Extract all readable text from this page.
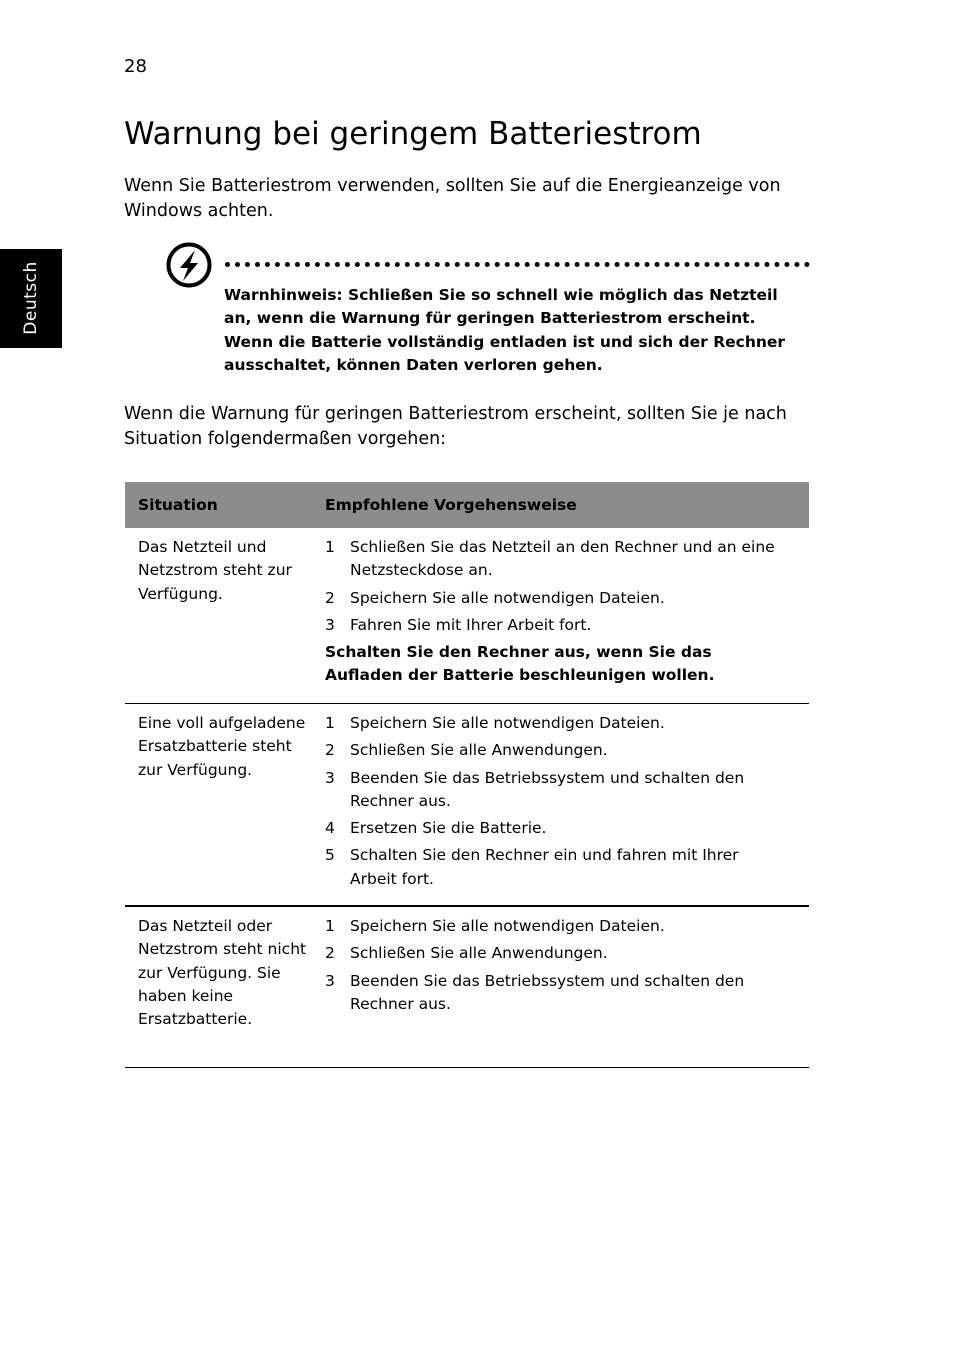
28
Deutsch
Warnung bei geringem Batteriestrom

Wenn Sie Batteriestrom verwenden, sollten Sie auf die Energieanzeige von Windows achten.

Warnhinweis: Schließen Sie so schnell wie möglich das Netzteil an, wenn die Warnung für geringen Batteriestrom erscheint. Wenn die Batterie vollständig entladen ist und sich der Rechner ausschaltet, können Daten verloren gehen.

Wenn die Warnung für geringen Batteriestrom erscheint, sollten Sie je nach Situation folgendermaßen vorgehen:

Situation	Empfohlene Vorgehensweise
Das Netzteil und Netzstrom steht zur Verfügung.
1 Schließen Sie das Netzteil an den Rechner und an eine Netzsteckdose an.
2 Speichern Sie alle notwendigen Dateien.
3 Fahren Sie mit Ihrer Arbeit fort.
Schalten Sie den Rechner aus, wenn Sie das Aufladen der Batterie beschleunigen wollen.
Eine voll aufgeladene Ersatzbatterie steht zur Verfügung.
1 Speichern Sie alle notwendigen Dateien.
2 Schließen Sie alle Anwendungen.
3 Beenden Sie das Betriebssystem und schalten den Rechner aus.
4 Ersetzen Sie die Batterie.
5 Schalten Sie den Rechner ein und fahren mit Ihrer Arbeit fort.
Das Netzteil oder Netzstrom steht nicht zur Verfügung. Sie haben keine Ersatzbatterie.
1 Speichern Sie alle notwendigen Dateien.
2 Schließen Sie alle Anwendungen.
3 Beenden Sie das Betriebssystem und schalten den Rechner aus.
